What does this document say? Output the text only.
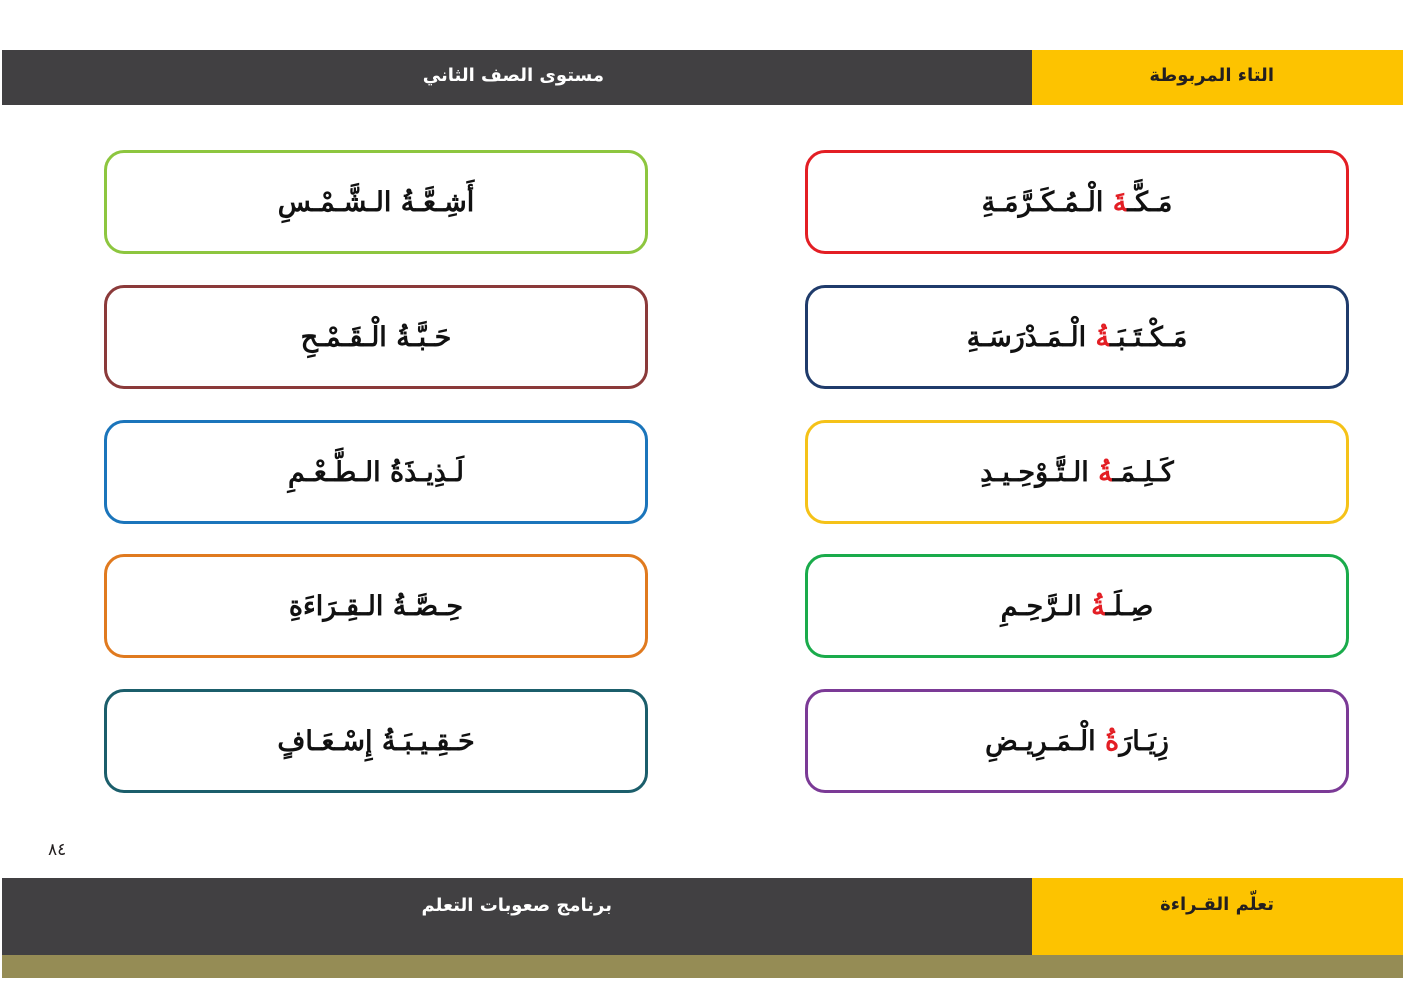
مستوى الصف الثاني	التاء المربوطة
مَـكَّـةَ الْـمُـكَـرَّمَـةِ
مَـكْـتَـبَـةُ الْـمَـدْرَسَـةِ
كَـلِـمَـةُ الـتَّـوْحِـيـدِ
صِـلَـةُ الـرَّحِـمِ
زِيَـارَةُ الْـمَـرِيـضِ
أَشِـعَّـةُ الـشَّـمْـسِ
حَـبَّـةُ الْـقَـمْـحِ
لَـذِيـذَةُ الـطَّـعْـمِ
حِـصَّـةُ الـقِـرَاءَةِ
حَـقِـيـبَـةُ إِسْـعَـافٍ
٨٤
برنامج صعوبات التعلم	تعلّم القـراءة
